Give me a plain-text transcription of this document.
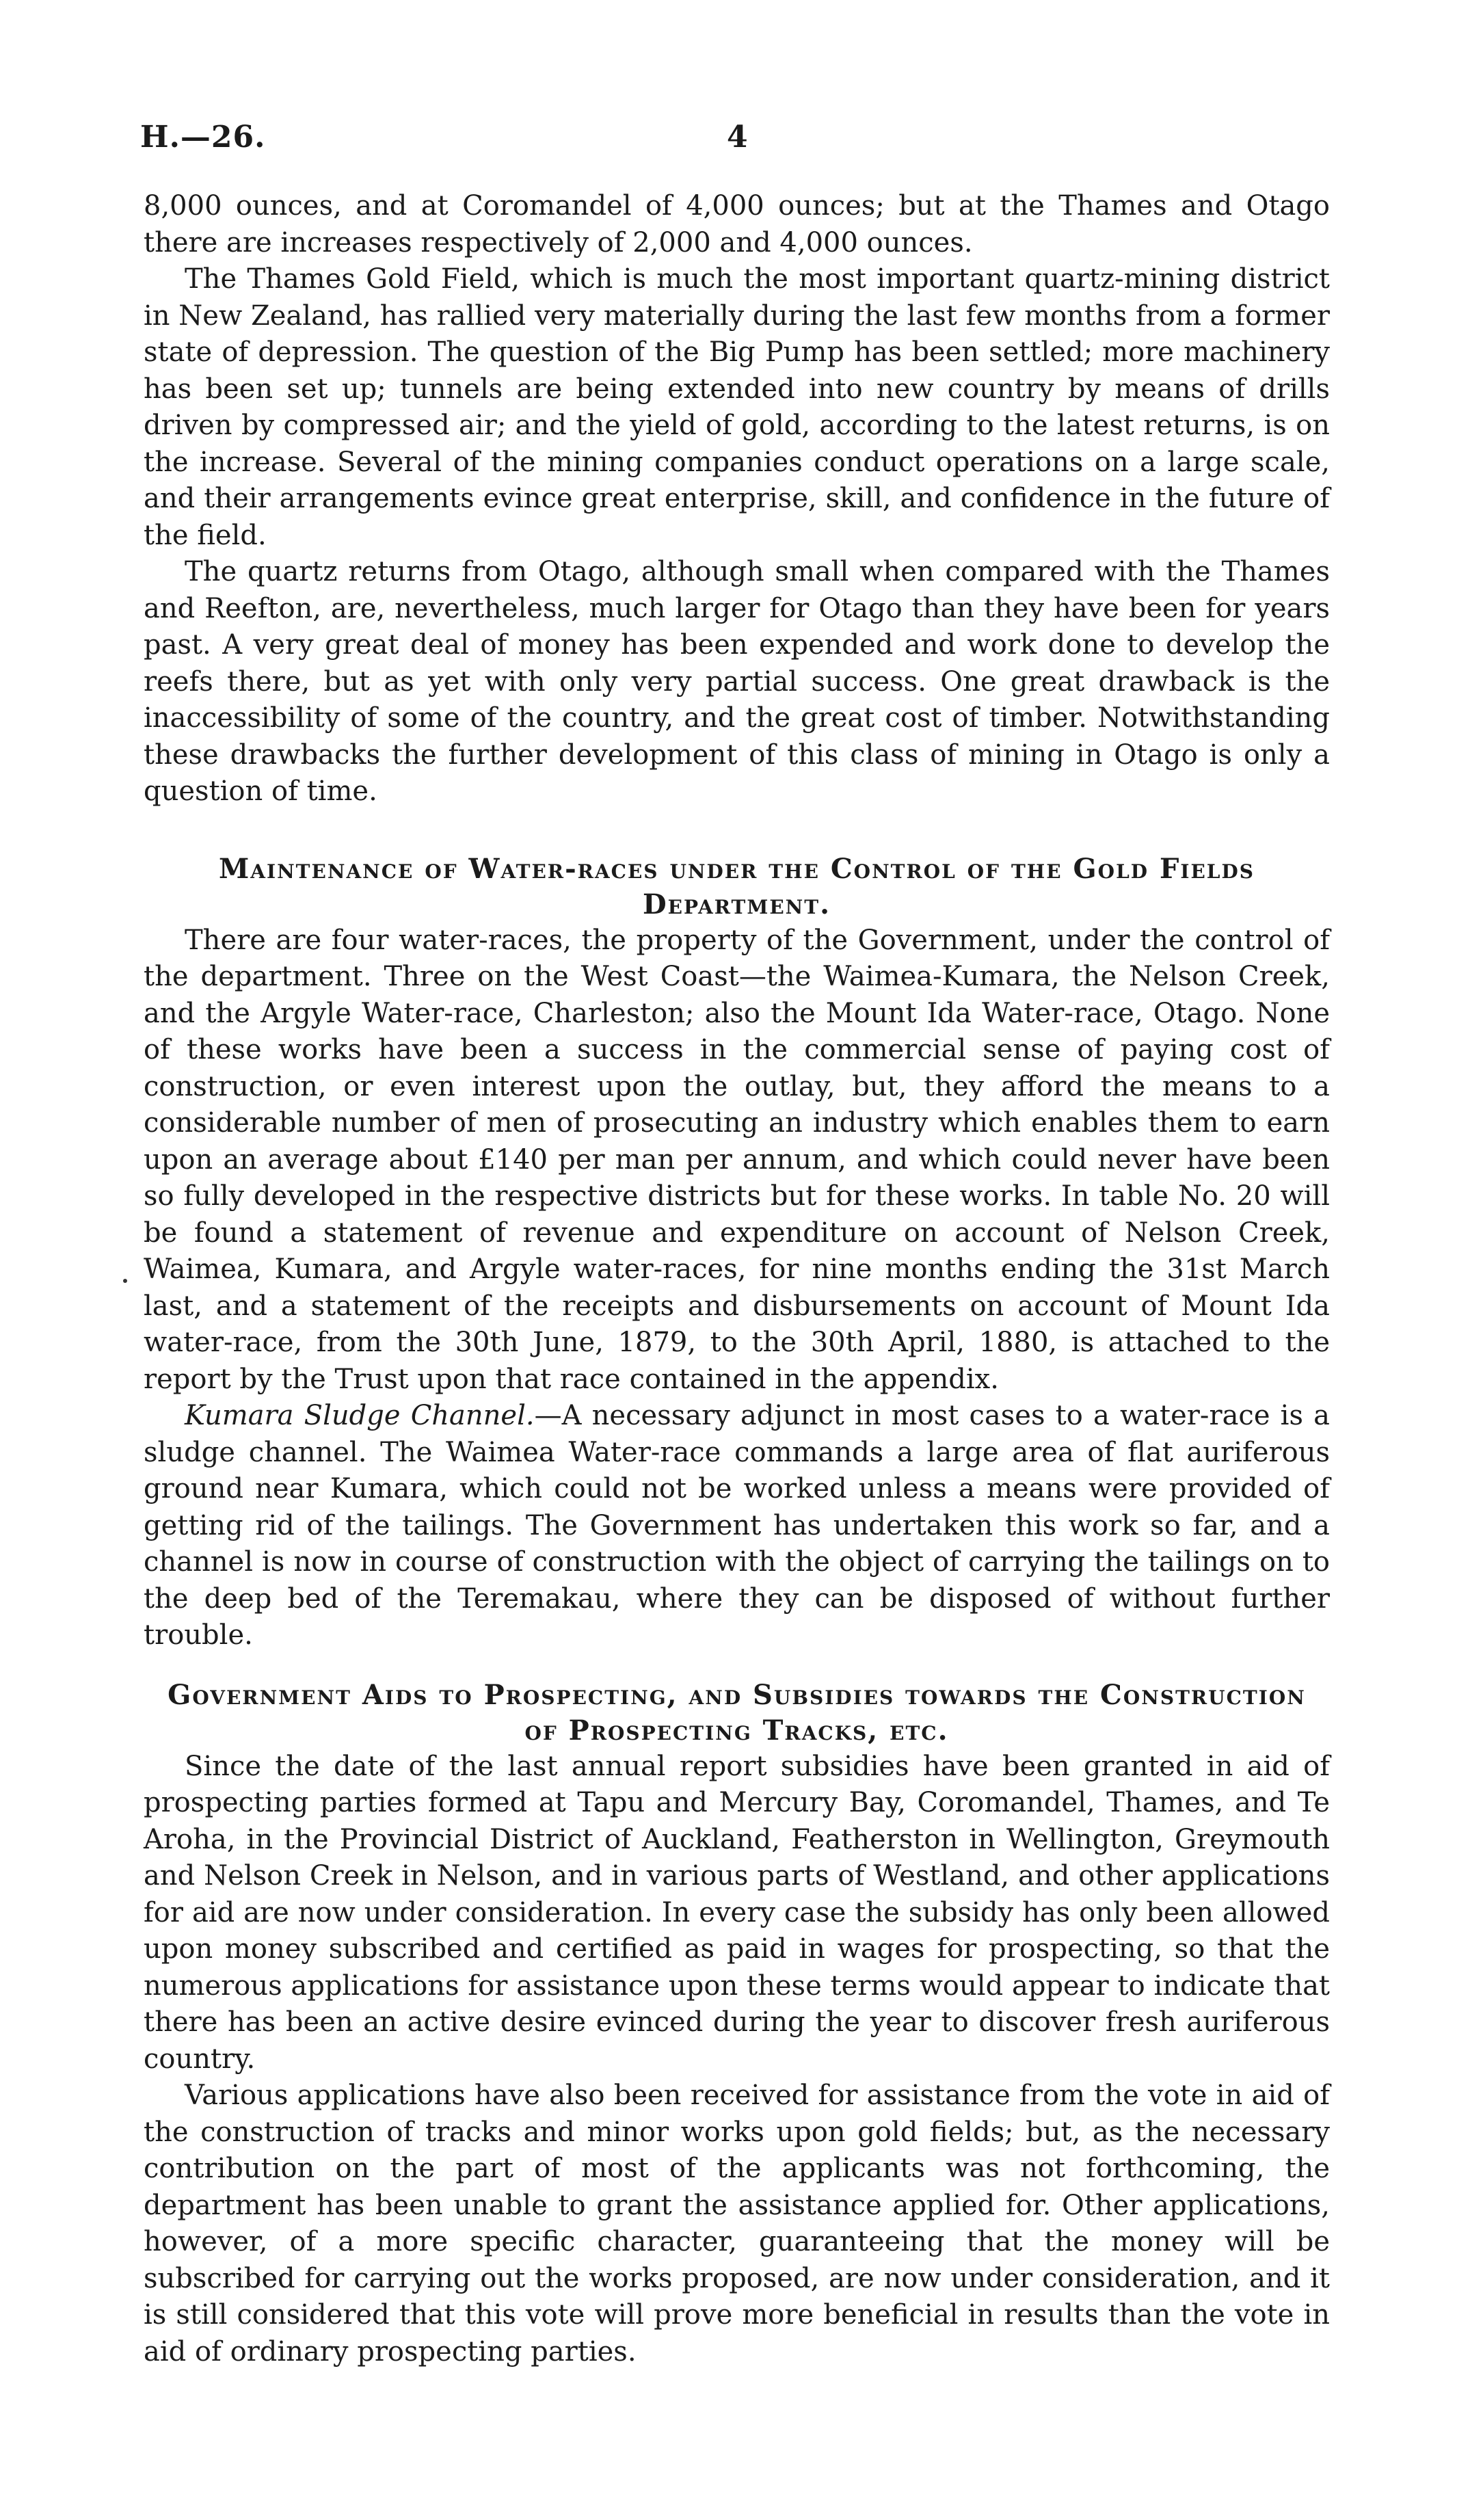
H.—26.	4

8,000 ounces, and at Coromandel of 4,000 ounces; but at the Thames and Otago there are increases respectively of 2,000 and 4,000 ounces.

The Thames Gold Field, which is much the most important quartz-mining district in New Zealand, has rallied very materially during the last few months from a former state of depression. The question of the Big Pump has been settled; more machinery has been set up; tunnels are being extended into new country by means of drills driven by compressed air; and the yield of gold, according to the latest returns, is on the increase. Several of the mining companies conduct operations on a large scale, and their arrangements evince great enterprise, skill, and confidence in the future of the field.

The quartz returns from Otago, although small when compared with the Thames and Reefton, are, nevertheless, much larger for Otago than they have been for years past. A very great deal of money has been expended and work done to develop the reefs there, but as yet with only very partial success. One great drawback is the inaccessibility of some of the country, and the great cost of timber. Notwithstanding these drawbacks the further development of this class of mining in Otago is only a question of time.

Maintenance of Water-races under the Control of the Gold Fields
Department.

There are four water-races, the property of the Government, under the control of the department. Three on the West Coast—the Waimea-Kumara, the Nelson Creek, and the Argyle Water-race, Charleston; also the Mount Ida Water-race, Otago. None of these works have been a success in the commercial sense of paying cost of construction, or even interest upon the outlay, but, they afford the means to a considerable number of men of prosecuting an industry which enables them to earn upon an average about £140 per man per annum, and which could never have been so fully developed in the respective districts but for these works. In table No. 20 will be found a statement of revenue and expenditure on account of Nelson Creek, Waimea, Kumara, and Argyle water-races, for nine months ending the 31st March last, and a statement of the receipts and disbursements on account of Mount Ida water-race, from the 30th June, 1879, to the 30th April, 1880, is attached to the report by the Trust upon that race contained in the appendix.

Kumara Sludge Channel.—A necessary adjunct in most cases to a water-race is a sludge channel. The Waimea Water-race commands a large area of flat auriferous ground near Kumara, which could not be worked unless a means were provided of getting rid of the tailings. The Government has undertaken this work so far, and a channel is now in course of construction with the object of carrying the tailings on to the deep bed of the Teremakau, where they can be disposed of without further trouble.

Government Aids to Prospecting, and Subsidies towards the Construction
of Prospecting Tracks, etc.

Since the date of the last annual report subsidies have been granted in aid of prospecting parties formed at Tapu and Mercury Bay, Coromandel, Thames, and Te Aroha, in the Provincial District of Auckland, Featherston in Wellington, Greymouth and Nelson Creek in Nelson, and in various parts of Westland, and other applications for aid are now under consideration. In every case the subsidy has only been allowed upon money subscribed and certified as paid in wages for prospecting, so that the numerous applications for assistance upon these terms would appear to indicate that there has been an active desire evinced during the year to discover fresh auriferous country.

Various applications have also been received for assistance from the vote in aid of the construction of tracks and minor works upon gold fields; but, as the necessary contribution on the part of most of the applicants was not forthcoming, the department has been unable to grant the assistance applied for. Other applications, however, of a more specific character, guaranteeing that the money will be subscribed for carrying out the works proposed, are now under consideration, and it is still considered that this vote will prove more beneficial in results than the vote in aid of ordinary prospecting parties.
